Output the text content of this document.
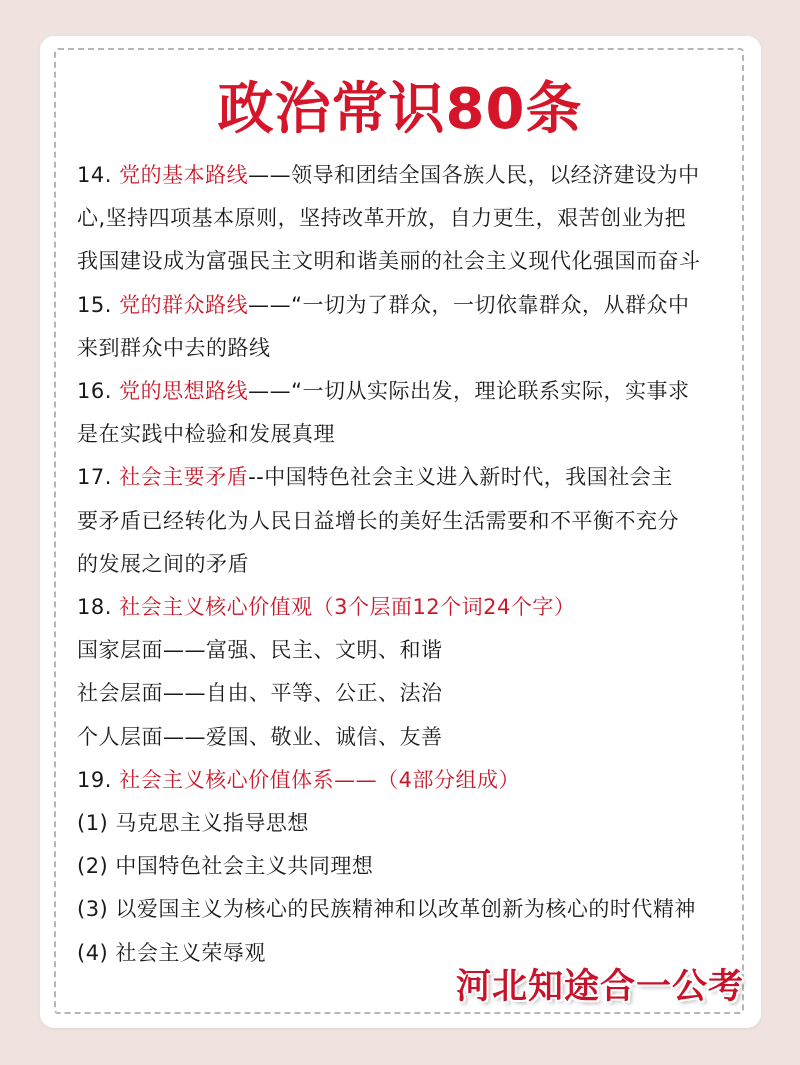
政治常识80条
14. 党的基本路线——领导和团结全国各族人民，以经济建设为中
心,坚持四项基本原则，坚持改革开放，自力更生，艰苦创业为把
我国建设成为富强民主文明和谐美丽的社会主义现代化强国而奋斗
15. 党的群众路线——“一切为了群众，一切依靠群众，从群众中
来到群众中去的路线
16. 党的思想路线——“一切从实际出发，理论联系实际，实事求
是在实践中检验和发展真理
17. 社会主要矛盾--中国特色社会主义进入新时代，我国社会主
要矛盾已经转化为人民日益增长的美好生活需要和不平衡不充分
的发展之间的矛盾
18. 社会主义核心价值观（3个层面12个词24个字）
国家层面——富强、民主、文明、和谐
社会层面——自由、平等、公正、法治
个人层面——爱国、敬业、诚信、友善
19. 社会主义核心价值体系——（4部分组成）
(1) 马克思主义指导思想
(2) 中国特色社会主义共同理想
(3) 以爱国主义为核心的民族精神和以改革创新为核心的时代精神
(4) 社会主义荣辱观
河北知途合一公考
